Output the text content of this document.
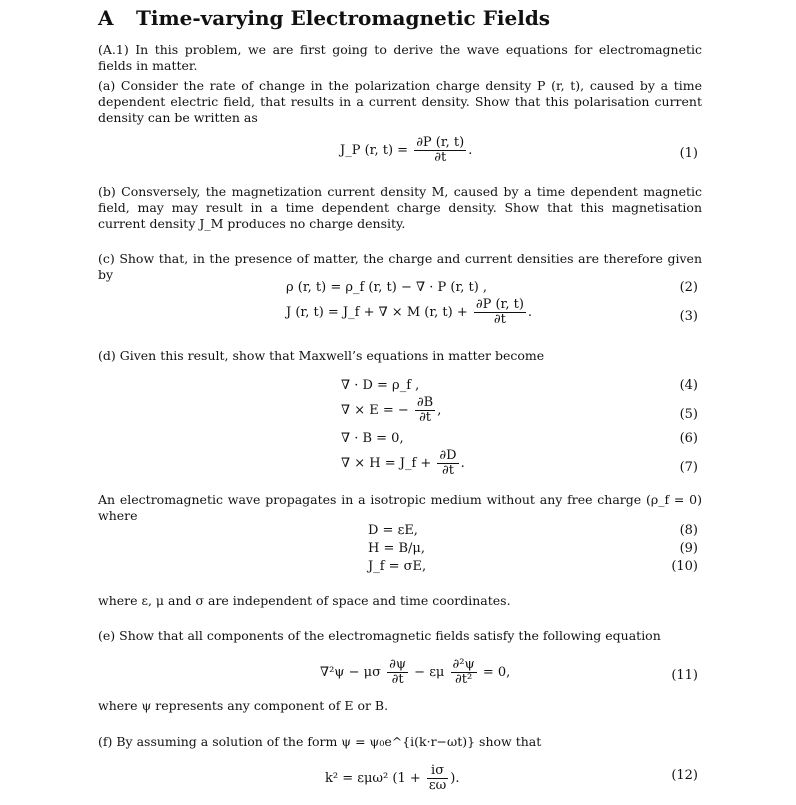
A Time-varying Electromagnetic Fields
(A.1) In this problem, we are first going to derive the wave equations for electromagnetic fields in matter.
(a) Consider the rate of change in the polarization charge density P (r, t), caused by a time dependent electric field, that results in a current density. Show that this polarisation current density can be written as
J_P (r, $t) = \frac{\partial P (r, t)}{\partial t}$ .	(1)
(b) Consversely, the magnetization current density M, caused by a time dependent magnetic field, may may result in a time dependent charge density. Show that this magnetisation current density J_M produces no charge density.
(c) Show that, in the presence of matter, the charge and current densities are therefore given by
ρ (r, t) = ρ_f (r, t) − ∇ · P (r, t) ,	(2)
J (r, t) = J_f + ∇ × M (r, $t) + \frac{\partial P (r, t)}{\partial t}$ .	(3)
(d) Given this result, show that Maxwell’s equations in matter become
∇ · D = ρ_f ,	(4)
∇ × E = − $\frac{\partial B}{\partial t}$ ,	(5)
∇ · B = 0,	(6)
∇ × H = J_f + $\frac{\partial D}{\partial t}$ .	(7)
An electromagnetic wave propagates in a isotropic medium without any free charge (ρ_f = 0) where
D = εE,	(8)
H = B/μ,	(9)
J_f = σE,	(10)
where ε, μ and σ are independent of space and time coordinates.
(e) Show that all components of the electromagnetic fields satisfy the following equation
∇²ψ − μσ $\frac{\partial\psi}{\partial t} - \varepsilon\mu \frac{\text{∂²ψ}}{\text{∂t²}} = 0$,	(11)
where ψ represents any component of E or B.
(f) By assuming a solution of the form ψ = ψ₀e^{i(k·r−ωt)} show that
k² = εμω² ($1 + \frac{i\sigma}{\varepsilon\omega}$ ).	(12)
